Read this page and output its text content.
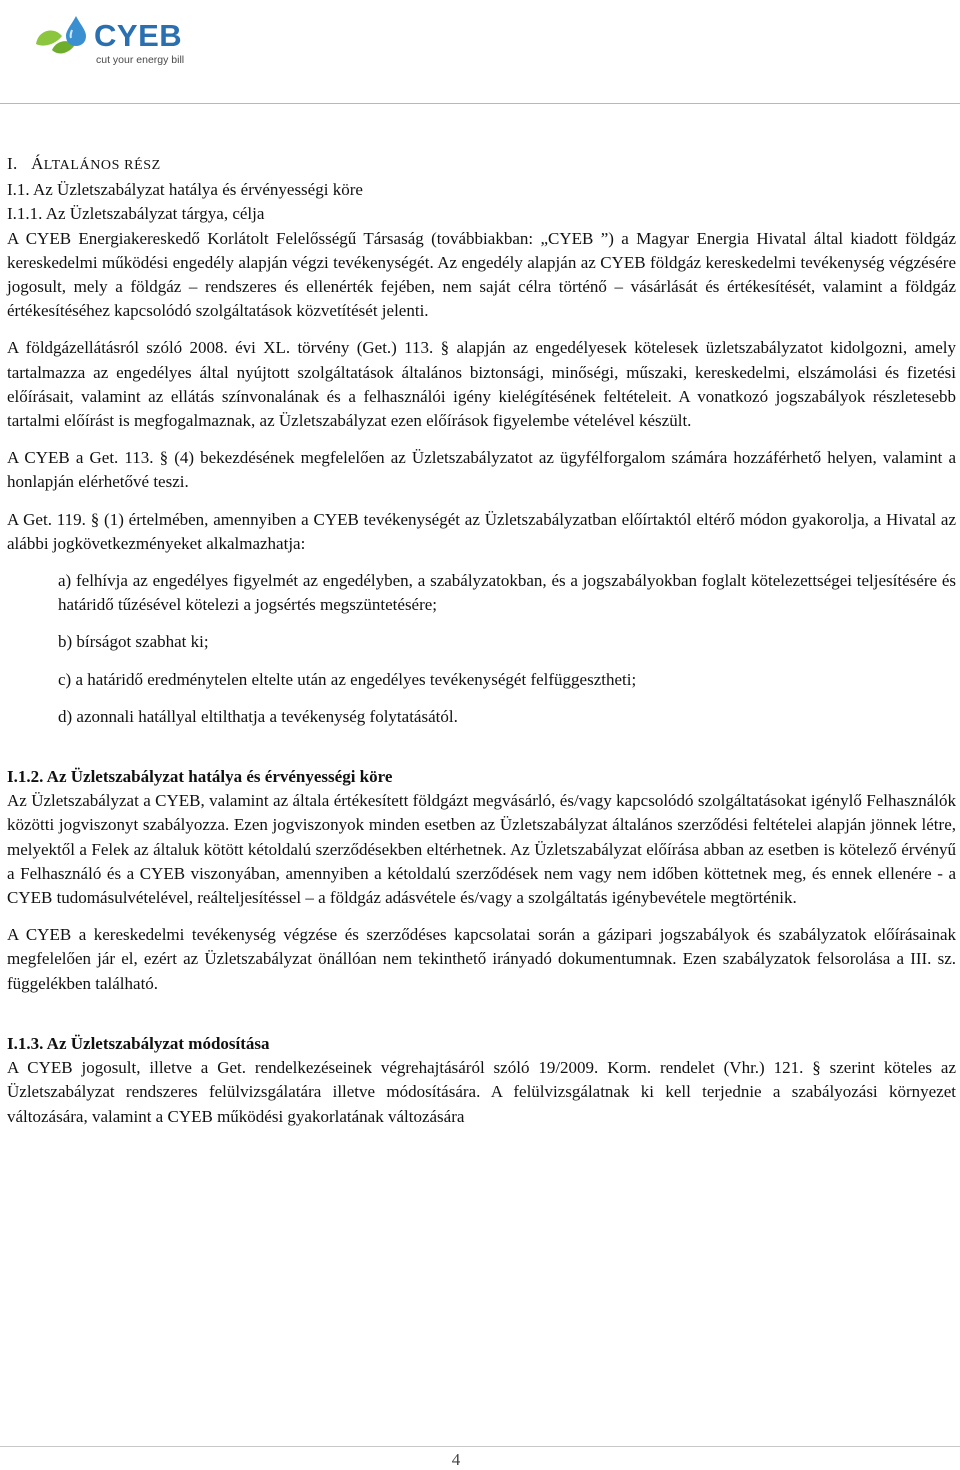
CYEB
cut your energy bill

I. ÁLTALÁNOS RÉSZ

I.1. Az Üzletszabályzat hatálya és érvényességi köre

I.1.1. Az Üzletszabályzat tárgya, célja

A CYEB Energiakereskedő Korlátolt Felelősségű Társaság (továbbiakban: „CYEB ”) a Magyar Energia Hivatal által kiadott földgáz kereskedelmi működési engedély alapján végzi tevékenységét. Az engedély alapján az CYEB földgáz kereskedelmi tevékenység végzésére jogosult, mely a földgáz – rendszeres és ellenérték fejében, nem saját célra történő – vásárlását és értékesítését, valamint a földgáz értékesítéséhez kapcsolódó szolgáltatások közvetítését jelenti.

A földgázellátásról szóló 2008. évi XL. törvény (Get.) 113. § alapján az engedélyesek kötelesek üzletszabályzatot kidolgozni, amely tartalmazza az engedélyes által nyújtott szolgáltatások általános biztonsági, minőségi, műszaki, kereskedelmi, elszámolási és fizetési előírásait, valamint az ellátás színvonalának és a felhasználói igény kielégítésének feltételeit. A vonatkozó jogszabályok részletesebb tartalmi előírást is megfogalmaznak, az Üzletszabályzat ezen előírások figyelembe vételével készült.

A CYEB a Get. 113. § (4) bekezdésének megfelelően az Üzletszabályzatot az ügyfélforgalom számára hozzáférhető helyen, valamint a honlapján elérhetővé teszi.

A Get. 119. § (1) értelmében, amennyiben a CYEB tevékenységét az Üzletszabályzatban előírtaktól eltérő módon gyakorolja, a Hivatal az alábbi jogkövetkezményeket alkalmazhatja:

a) felhívja az engedélyes figyelmét az engedélyben, a szabályzatokban, és a jogszabályokban foglalt kötelezettségei teljesítésére és határidő tűzésével kötelezi a jogsértés megszüntetésére;

b) bírságot szabhat ki;

c) a határidő eredménytelen eltelte után az engedélyes tevékenységét felfüggesztheti;

d) azonnali hatállyal eltilthatja a tevékenység folytatásától.

I.1.2. Az Üzletszabályzat hatálya és érvényességi köre

Az Üzletszabályzat a CYEB, valamint az általa értékesített földgázt megvásárló, és/vagy kapcsolódó szolgáltatásokat igénylő Felhasználók közötti jogviszonyt szabályozza. Ezen jogviszonyok minden esetben az Üzletszabályzat általános szerződési feltételei alapján jönnek létre, melyektől a Felek az általuk kötött kétoldalú szerződésekben eltérhetnek. Az Üzletszabályzat előírása abban az esetben is kötelező érvényű a Felhasználó és a CYEB viszonyában, amennyiben a kétoldalú szerződések nem vagy nem időben köttetnek meg, és ennek ellenére - a CYEB tudomásulvételével, reálteljesítéssel – a földgáz adásvétele és/vagy a szolgáltatás igénybevétele megtörténik.

A CYEB a kereskedelmi tevékenység végzése és szerződéses kapcsolatai során a gázipari jogszabályok és szabályzatok előírásainak megfelelően jár el, ezért az Üzletszabályzat önállóan nem tekinthető irányadó dokumentumnak. Ezen szabályzatok felsorolása a III. sz. függelékben található.

I.1.3. Az Üzletszabályzat módosítása

A CYEB jogosult, illetve a Get. rendelkezéseinek végrehajtásáról szóló 19/2009. Korm. rendelet (Vhr.) 121. § szerint köteles az Üzletszabályzat rendszeres felülvizsgálatára illetve módosítására. A felülvizsgálatnak ki kell terjednie a szabályozási környezet változására, valamint a CYEB működési gyakorlatának változására

4
